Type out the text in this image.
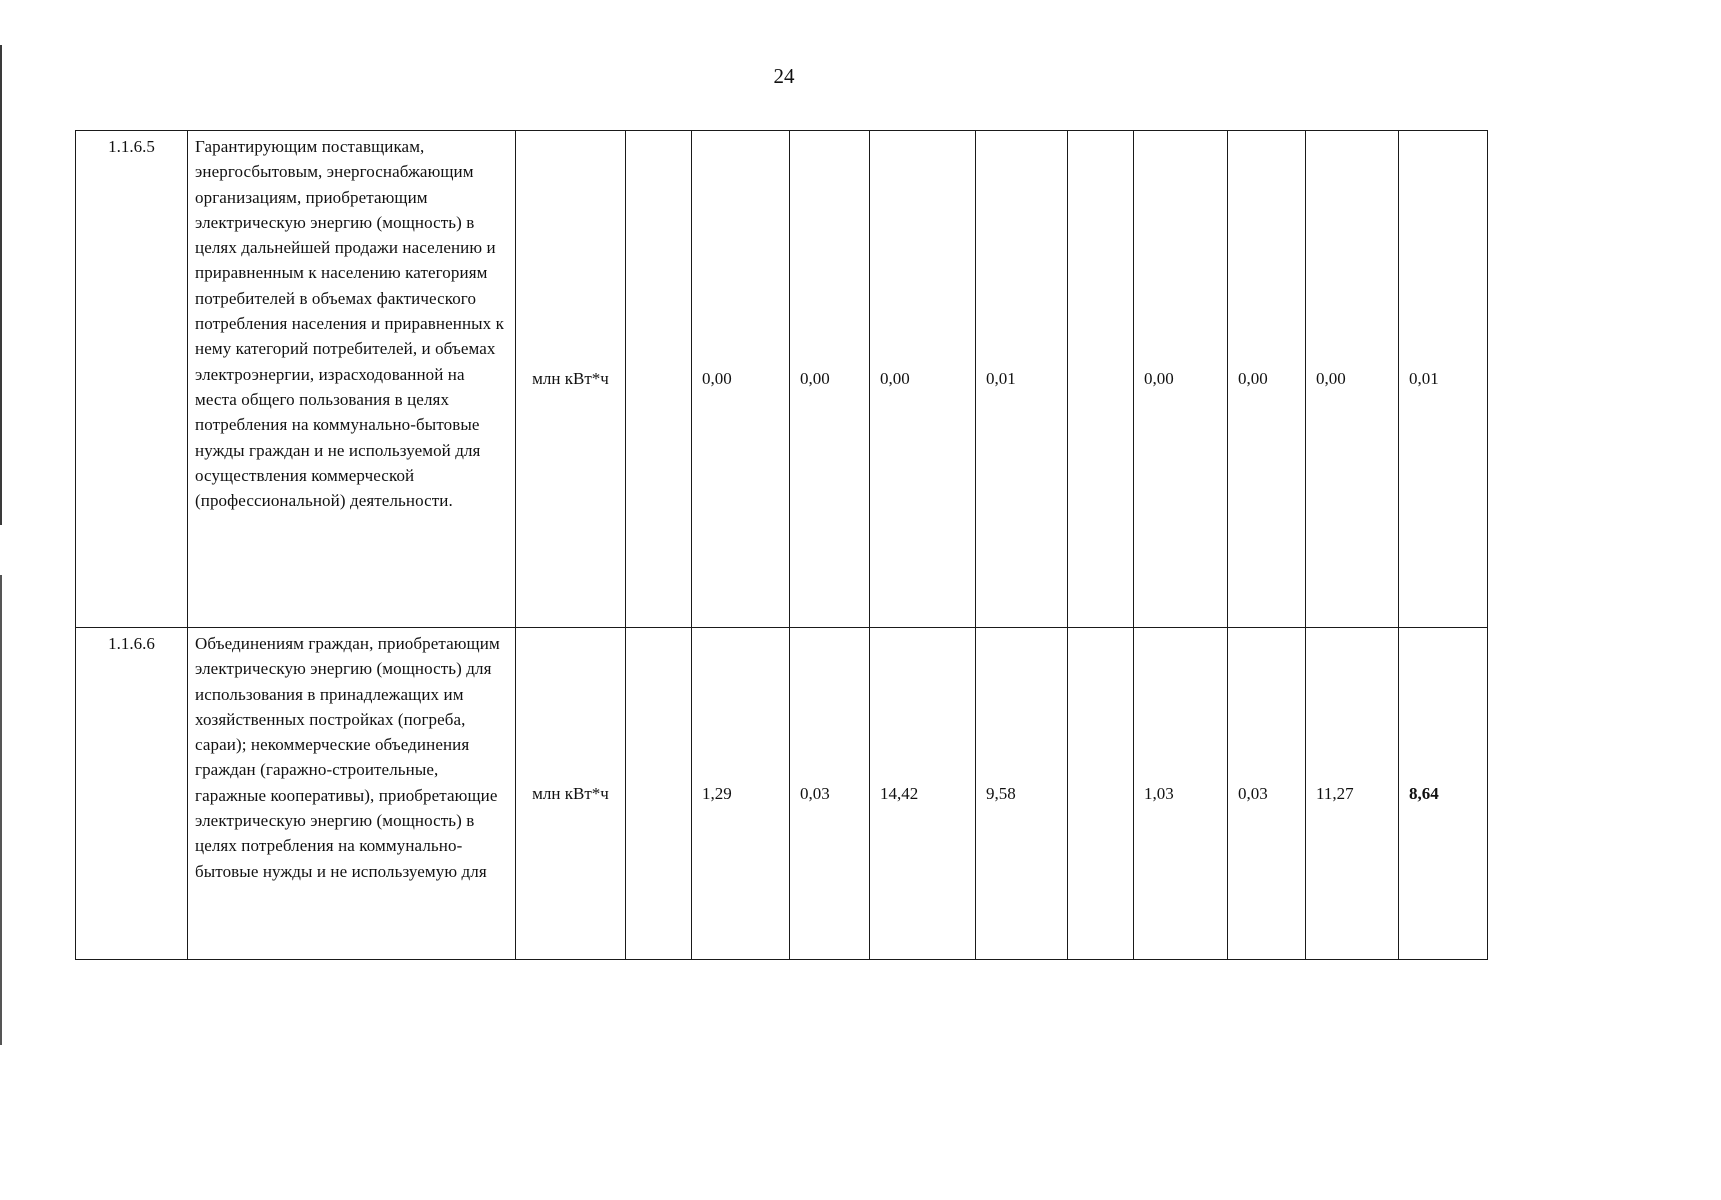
24
1.1.6.5	Гарантирующим поставщикам, энергосбытовым, энергоснабжающим организациям, приобретающим электрическую энергию (мощность) в целях дальнейшей продажи населению и приравненным к населению категориям потребителей в объемах фактического потребления населения и приравненных к нему категорий потребителей, и объемах электроэнергии, израсходованной на места общего пользования в целях потребления на коммунально-бытовые нужды граждан и не используемой для осуществления коммерческой (профессиональной) деятельности.	млн кВт*ч		0,00	0,00	0,00	0,01		0,00	0,00	0,00	0,01
1.1.6.6	Объединениям граждан, приобретающим электрическую энергию (мощность) для использования в принадлежащих им хозяйственных постройках (погреба, сараи); некоммерческие объединения граждан (гаражно-строительные, гаражные кооперативы), приобретающие электрическую энергию (мощность) в целях потребления на коммунально-бытовые нужды и не используемую для	млн кВт*ч		1,29	0,03	14,42	9,58		1,03	0,03	11,27	8,64
